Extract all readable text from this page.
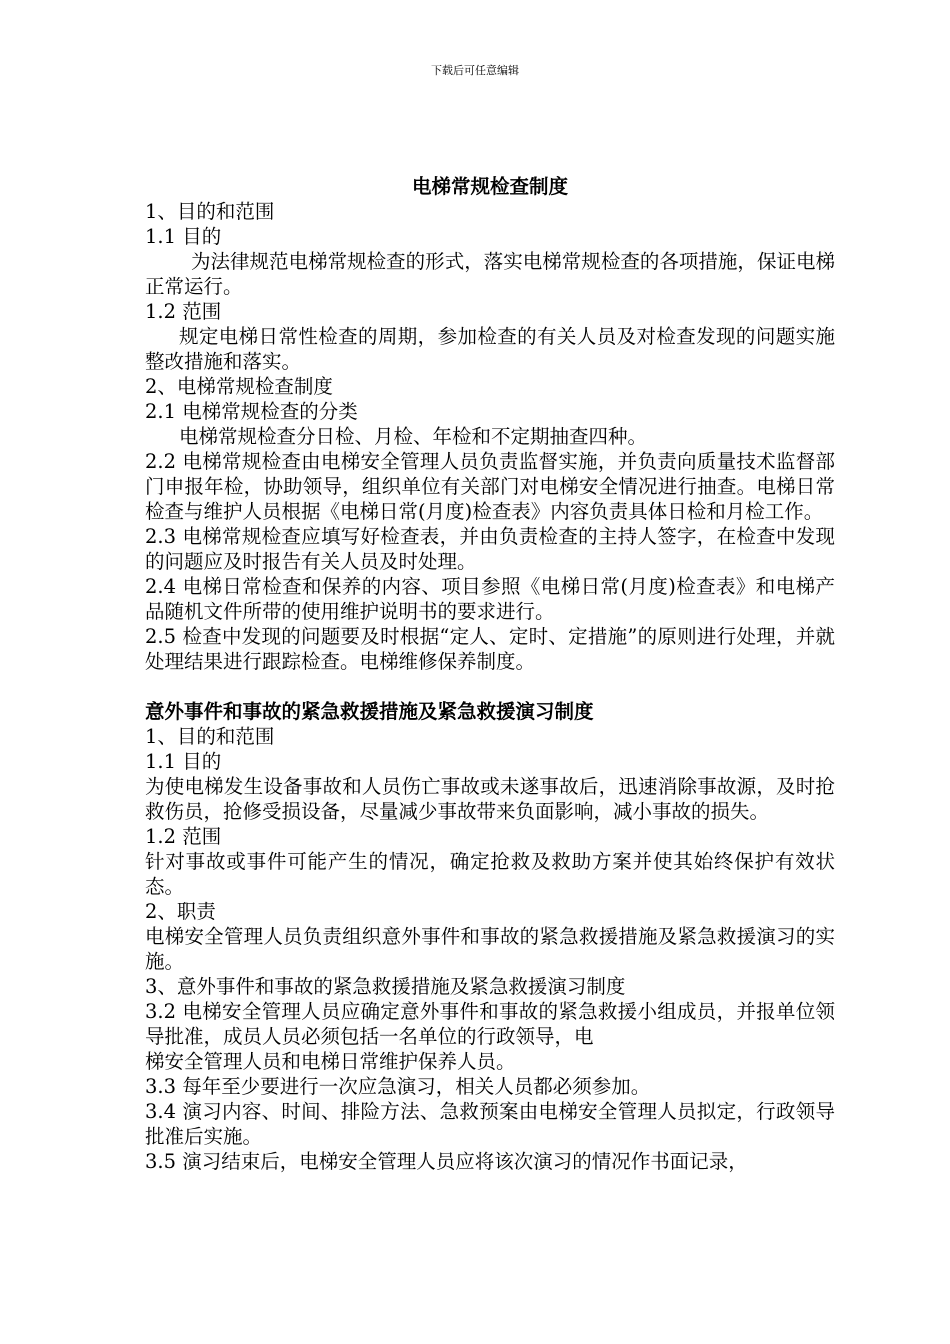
下载后可任意编辑
电梯常规检查制度

1、目的和范围

1.1 目的

为法律规范电梯常规检查的形式，落实电梯常规检查的各项措施，保证电梯正常运行。

1.2 范围

规定电梯日常性检查的周期，参加检查的有关人员及对检查发现的问题实施整改措施和落实。

2、电梯常规检查制度

2.1 电梯常规检查的分类

电梯常规检查分日检、月检、年检和不定期抽查四种。

2.2 电梯常规检查由电梯安全管理人员负责监督实施，并负责向质量技术监督部门申报年检，协助领导，组织单位有关部门对电梯安全情况进行抽查。电梯日常检查与维护人员根据《电梯日常(月度)检查表》内容负责具体日检和月检工作。

2.3 电梯常规检查应填写好检查表，并由负责检查的主持人签字，在检查中发现的问题应及时报告有关人员及时处理。

2.4 电梯日常检查和保养的内容、项目参照《电梯日常(月度)检查表》和电梯产品随机文件所带的使用维护说明书的要求进行。

2.5 检查中发现的问题要及时根据“定人、定时、定措施”的原则进行处理，并就处理结果进行跟踪检查。电梯维修保养制度。

意外事件和事故的紧急救援措施及紧急救援演习制度

1、目的和范围

1.1 目的

为使电梯发生设备事故和人员伤亡事故或未遂事故后，迅速消除事故源，及时抢救伤员，抢修受损设备，尽量减少事故带来负面影响，减小事故的损失。

1.2 范围

针对事故或事件可能产生的情况，确定抢救及救助方案并使其始终保护有效状态。

2、职责

电梯安全管理人员负责组织意外事件和事故的紧急救援措施及紧急救援演习的实施。

3、意外事件和事故的紧急救援措施及紧急救援演习制度

3.2 电梯安全管理人员应确定意外事件和事故的紧急救援小组成员，并报单位领导批准，成员人员必须包括一名单位的行政领导，电

梯安全管理人员和电梯日常维护保养人员。

3.3 每年至少要进行一次应急演习，相关人员都必须参加。

3.4 演习内容、时间、排险方法、急救预案由电梯安全管理人员拟定，行政领导批准后实施。

3.5 演习结束后，电梯安全管理人员应将该次演习的情况作书面记录，
